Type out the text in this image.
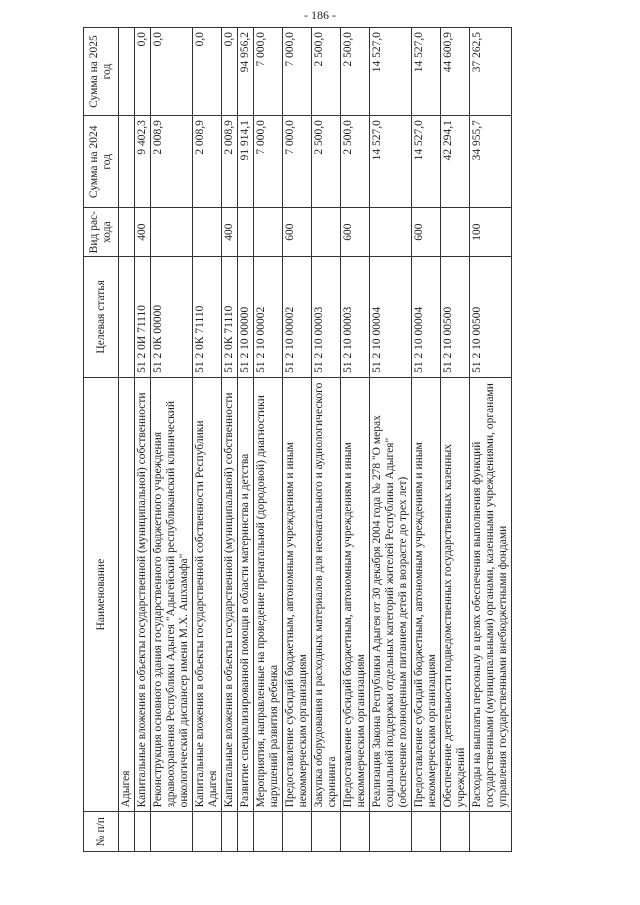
- 186 -
№ п/п	Наименование	Целевая статья	Вид рас- хода	Сумма на 2024 год	Сумма на 2025 год
	Адыгея				
	Капитальные вложения в объекты государственной (муниципальной) собственности	51 2 0И 71110	400	9 402,3	0,0
	Реконструкция основного здания государственного бюджетного учреждения здравоохранения Республики Адыгея "Адыгейский республиканский клинический онкологический диспансер имени М.Х. Ашхамафа"	51 2 0К 00000		2 008,9	0,0
	Капитальные вложения в объекты государственной собственности Республики Адыгея	51 2 0К 71110		2 008,9	0,0
	Капитальные вложения в объекты государственной (муниципальной) собственности	51 2 0К 71110	400	2 008,9	0,0
	Развитие специализированной помощи в области материнства и детства	51 2 10 00000		91 914,1	94 956,2
	Мероприятия, направленные на проведение пренатальной (дородовой) диагностики нарушений развития ребенка	51 2 10 00002		7 000,0	7 000,0
	Предоставление субсидий бюджетным, автономным учреждениям и иным некоммерческим организациям	51 2 10 00002	600	7 000,0	7 000,0
	Закупка оборудования и расходных материалов для неонатального и аудиологического скрининга	51 2 10 00003		2 500,0	2 500,0
	Предоставление субсидий бюджетным, автономным учреждениям и иным некоммерческим организациям	51 2 10 00003	600	2 500,0	2 500,0
	Реализация Закона Республики Адыгея от 30 декабря 2004 года № 278 "О мерах социальной поддержки отдельных категорий жителей Республики Адыгея" (обеспечение полноценным питанием детей в возрасте до трех лет)	51 2 10 00004		14 527,0	14 527,0
	Предоставление субсидий бюджетным, автономным учреждениям и иным некоммерческим организациям	51 2 10 00004	600	14 527,0	14 527,0
	Обеспечение деятельности подведомственных государственных казенных учреждений	51 2 10 00500		42 294,1	44 600,9
	Расходы на выплаты персоналу в целях обеспечения выполнения функций государственными (муниципальными) органами, казенными учреждениями, органами управления государственными внебюджетными фондами	51 2 10 00500	100	34 955,7	37 262,5
